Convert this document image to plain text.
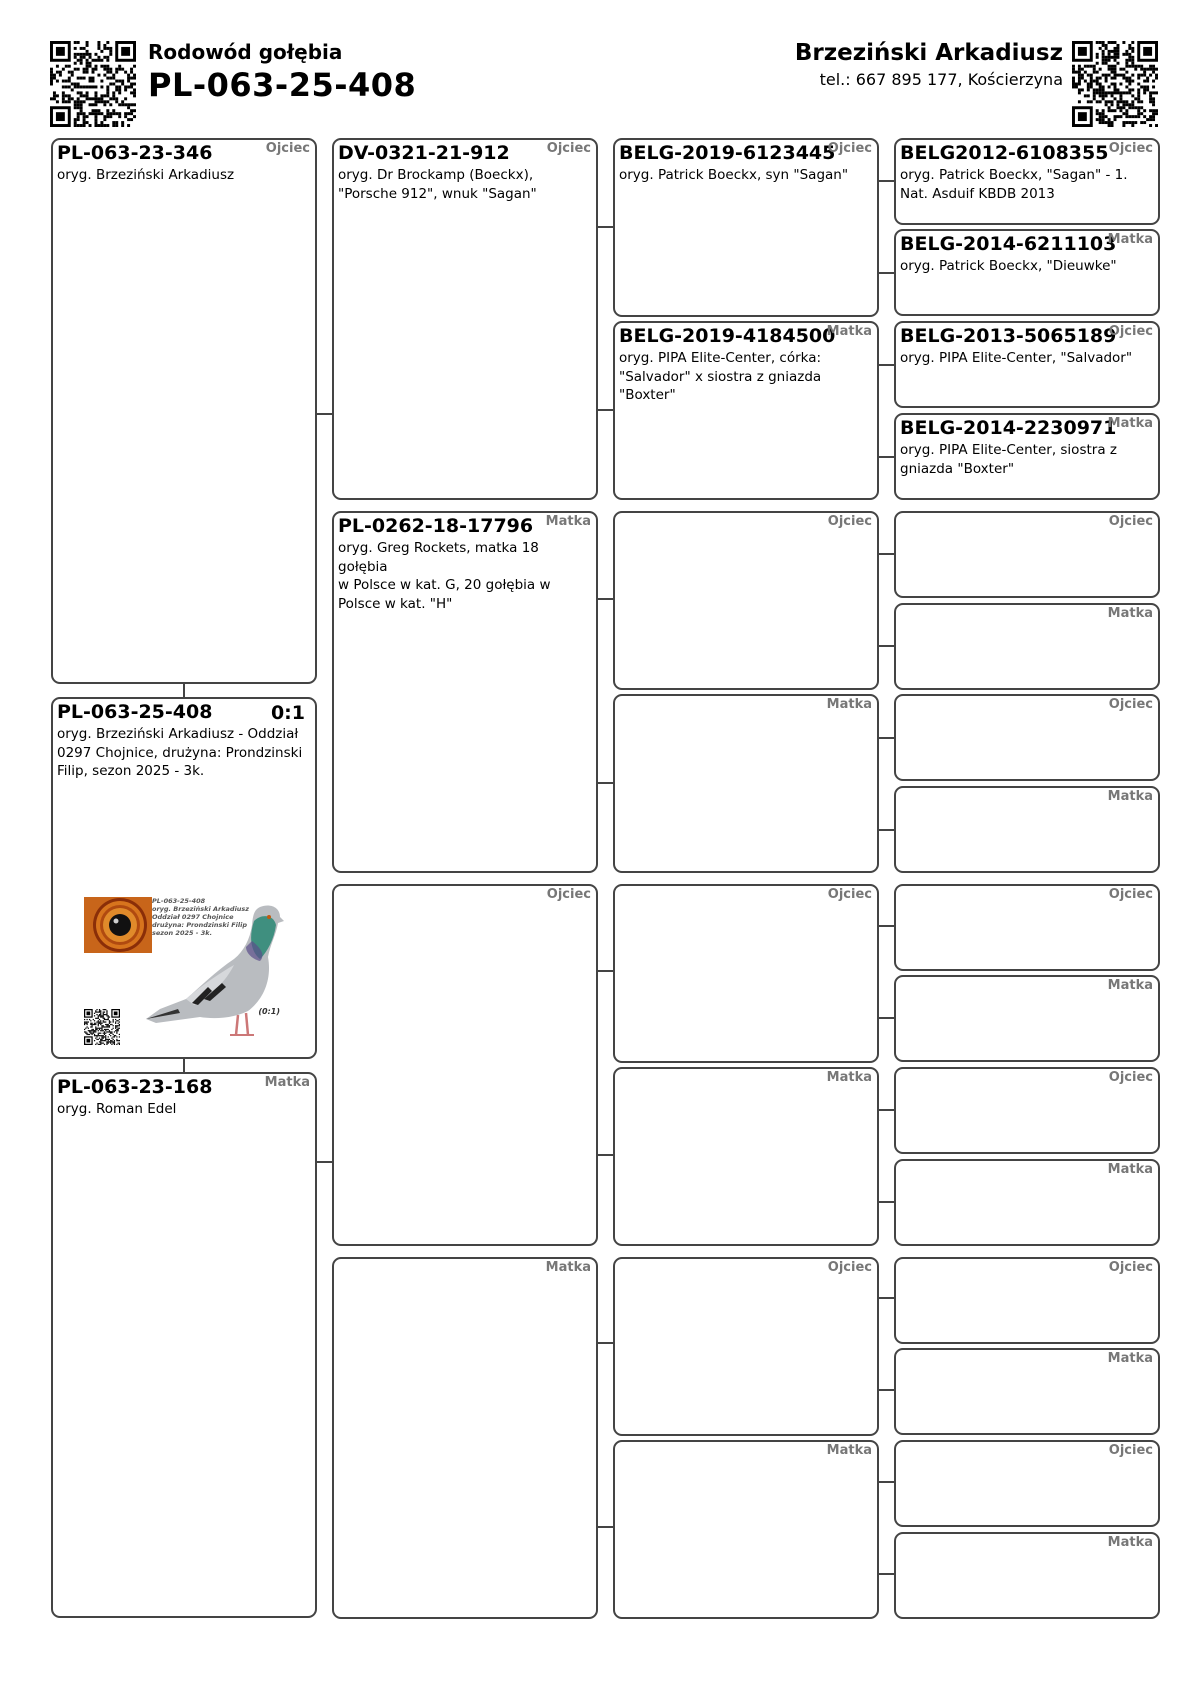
Rodowód gołębia
PL-063-25-408
Brzeziński Arkadiusz
tel.: 667 895 177, Kościerzyna
PL-063-23-346	Ojciec
oryg. Brzeziński Arkadiusz
PL-063-25-408	0:1
oryg. Brzeziński Arkadiusz - Oddział
0297 Chojnice, drużyna: Prondzinski
Filip, sezon 2025 - 3k.
PL-063-23-168	Matka
oryg. Roman Edel
PL-063-25-408
oryg. Brzeziński Arkadiusz
Oddział 0297 Chojnice
drużyna: Prondzinski Filip
sezon 2025 - 3k.
(0:1)
DV-0321-21-912	Ojciec
oryg. Dr Brockamp (Boeckx),
"Porsche 912", wnuk "Sagan"
PL-0262-18-17796 Matka
oryg. Greg Rockets, matka 18 gołębia
w Polsce w kat. G, 20 gołębia w
Polsce w kat. "H"
Ojciec
Matka
BELG-2019-6123445
Ojciec
oryg. Patrick Boeckx, syn "Sagan"
BELG-2019-4184500
Matka
oryg. PIPA Elite-Center, córka:
"Salvador" x siostra z gniazda
"Boxter"
Ojciec
Matka
Ojciec
Matka
Ojciec
Matka
BELG2012-6108355 Ojciec
oryg. Patrick Boeckx, "Sagan" - 1.
Nat. Asduif KBDB 2013
BELG-2014-6211103
Matka
oryg. Patrick Boeckx, "Dieuwke"
BELG-2013-5065189
Ojciec
oryg. PIPA Elite-Center, "Salvador"
BELG-2014-2230971
Matka
oryg. PIPA Elite-Center, siostra z
gniazda "Boxter"
Ojciec
Matka
Ojciec
Matka
Ojciec
Matka
Ojciec
Matka
Ojciec
Matka
Ojciec
Matka
